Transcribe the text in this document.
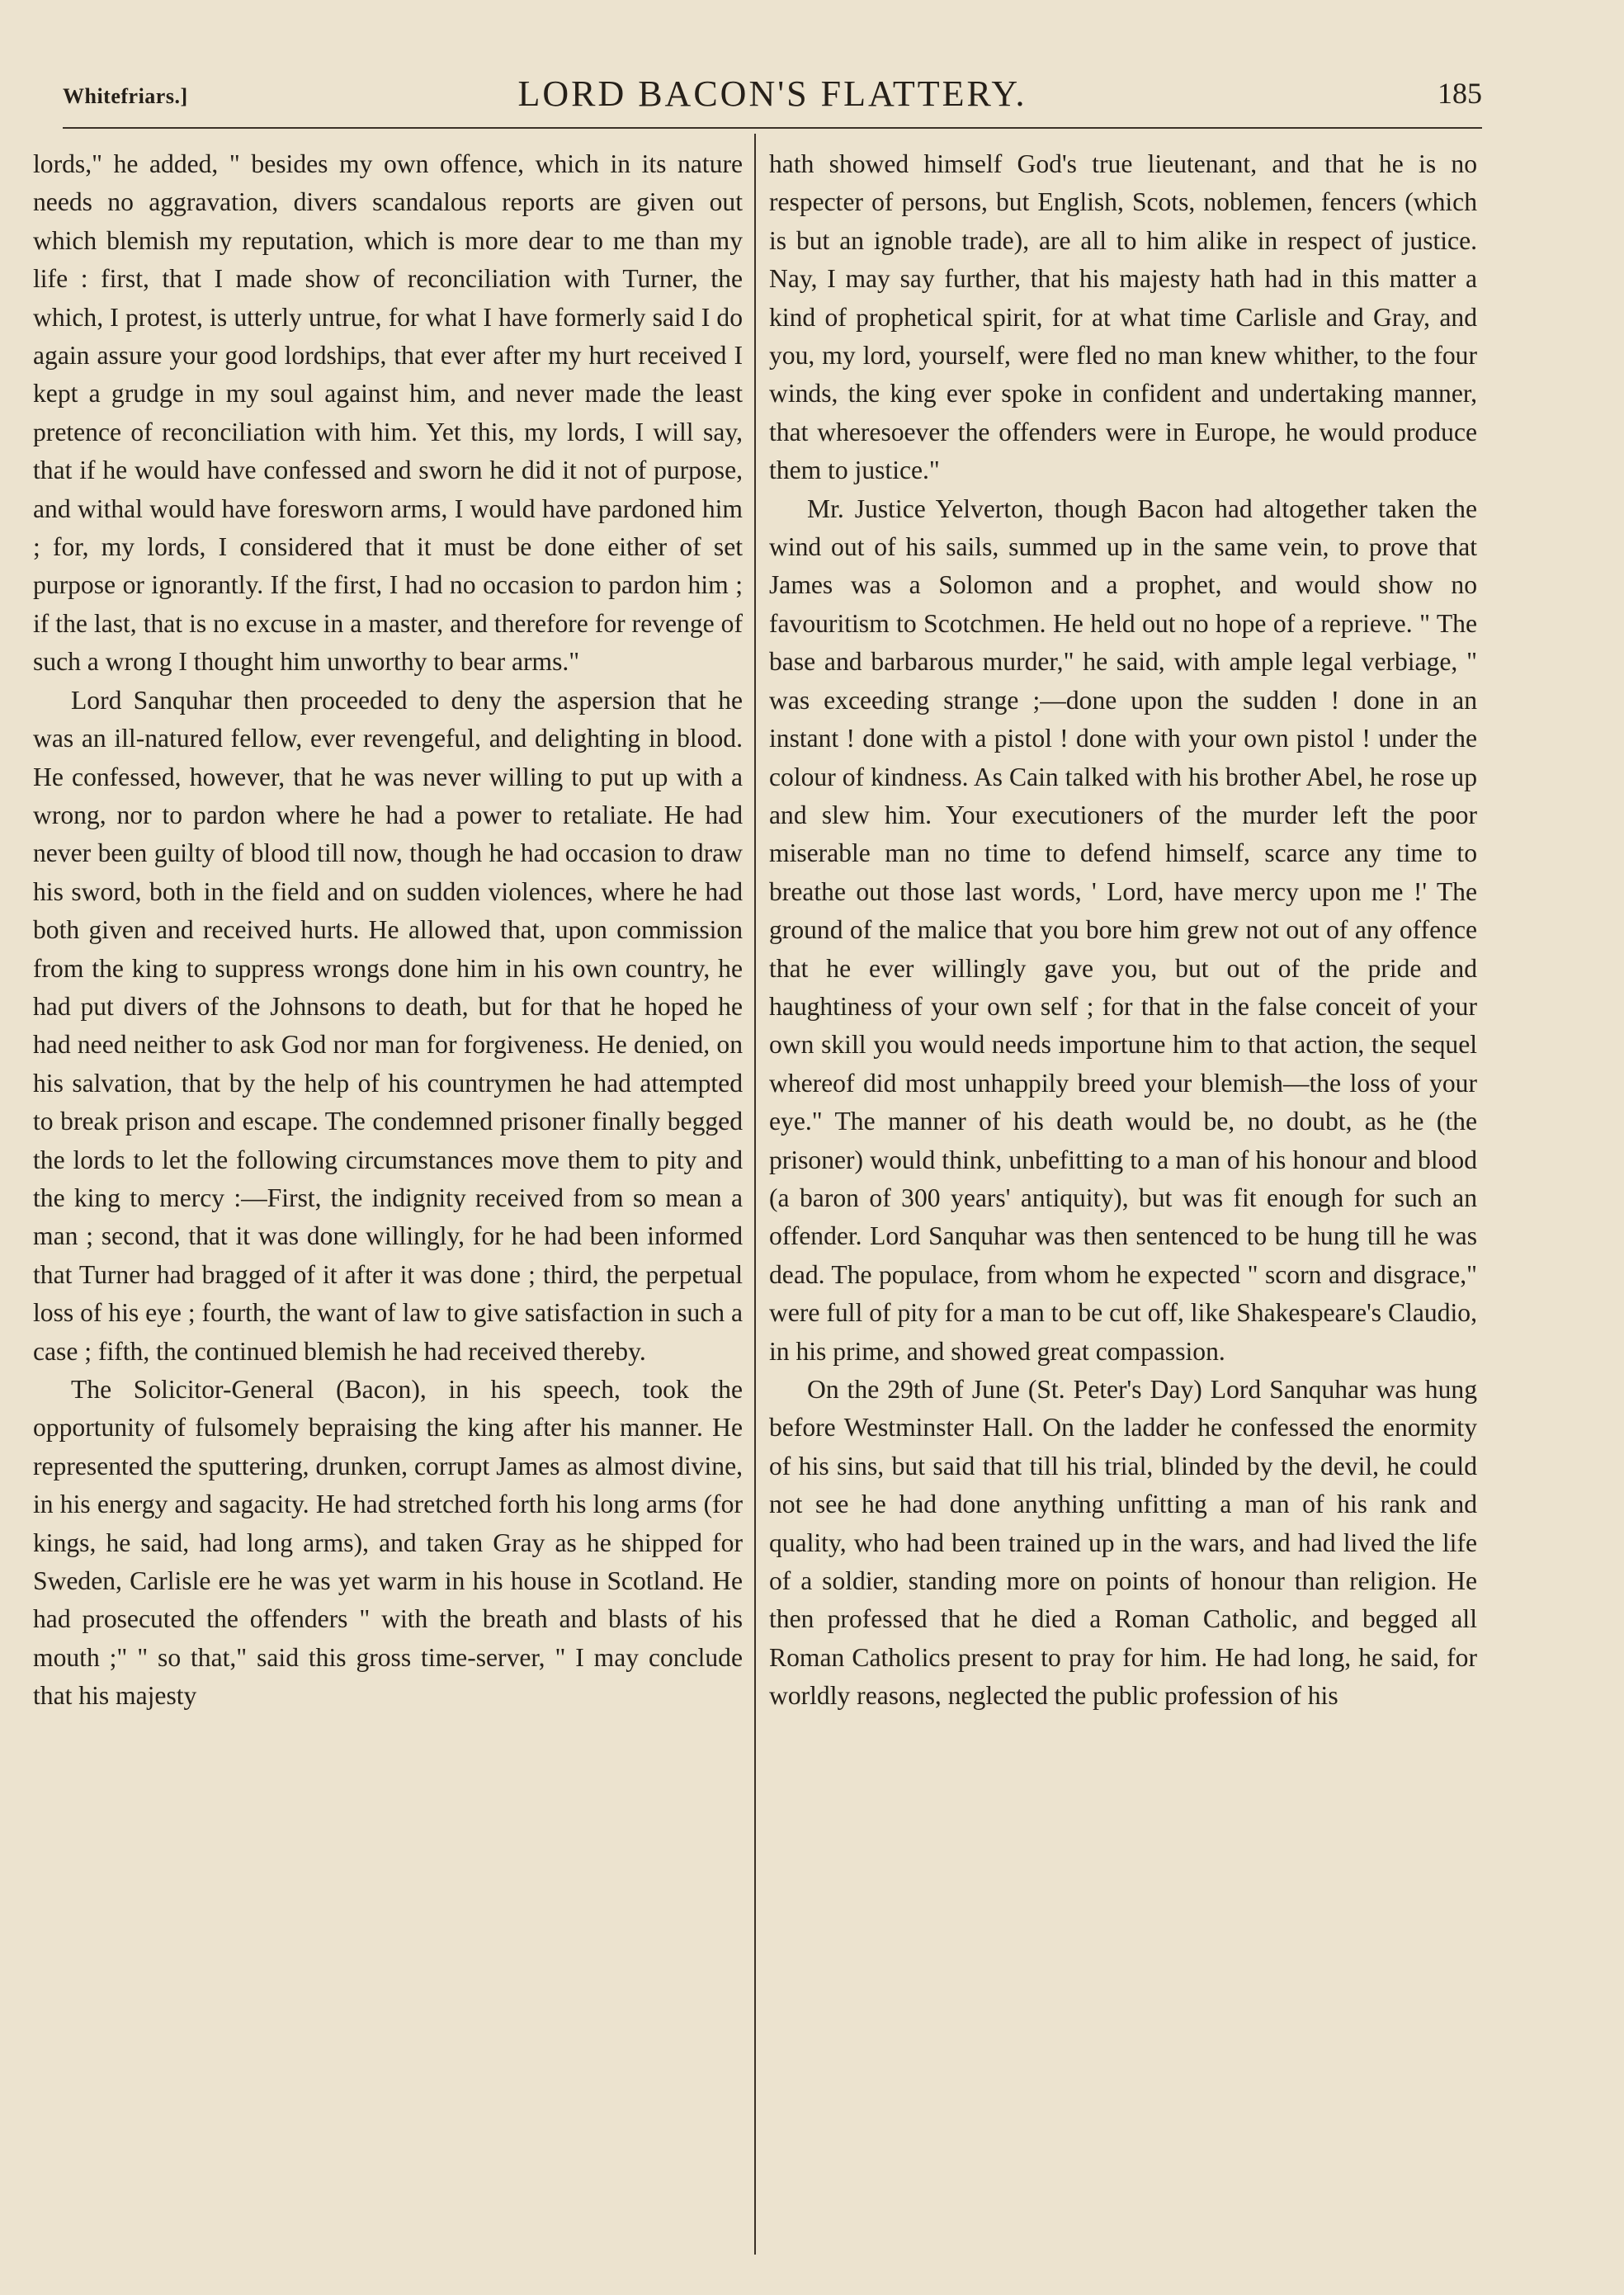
Whitefriars.]	LORD BACON'S FLATTERY.	185

lords," he added, " besides my own offence, which in its nature needs no aggravation, divers scandalous reports are given out which blemish my reputation, which is more dear to me than my life : first, that I made show of reconciliation with Turner, the which, I protest, is utterly untrue, for what I have formerly said I do again assure your good lordships, that ever after my hurt received I kept a grudge in my soul against him, and never made the least pretence of reconciliation with him. Yet this, my lords, I will say, that if he would have confessed and sworn he did it not of purpose, and withal would have foresworn arms, I would have pardoned him ; for, my lords, I considered that it must be done either of set purpose or ignorantly. If the first, I had no occasion to pardon him ; if the last, that is no excuse in a master, and therefore for revenge of such a wrong I thought him unworthy to bear arms."

Lord Sanquhar then proceeded to deny the aspersion that he was an ill-natured fellow, ever revengeful, and delighting in blood. He confessed, however, that he was never willing to put up with a wrong, nor to pardon where he had a power to retaliate. He had never been guilty of blood till now, though he had occasion to draw his sword, both in the field and on sudden violences, where he had both given and received hurts. He allowed that, upon commission from the king to suppress wrongs done him in his own country, he had put divers of the Johnsons to death, but for that he hoped he had need neither to ask God nor man for forgiveness. He denied, on his salvation, that by the help of his countrymen he had attempted to break prison and escape. The condemned prisoner finally begged the lords to let the following circumstances move them to pity and the king to mercy :—First, the indignity received from so mean a man ; second, that it was done willingly, for he had been informed that Turner had bragged of it after it was done ; third, the perpetual loss of his eye ; fourth, the want of law to give satisfaction in such a case ; fifth, the continued blemish he had received thereby.

The Solicitor-General (Bacon), in his speech, took the opportunity of fulsomely bepraising the king after his manner. He represented the sputtering, drunken, corrupt James as almost divine, in his energy and sagacity. He had stretched forth his long arms (for kings, he said, had long arms), and taken Gray as he shipped for Sweden, Carlisle ere he was yet warm in his house in Scotland. He had prosecuted the offenders " with the breath and blasts of his mouth ;" " so that," said this gross time-server, " I may conclude that his majesty

hath showed himself God's true lieutenant, and that he is no respecter of persons, but English, Scots, noblemen, fencers (which is but an ignoble trade), are all to him alike in respect of justice. Nay, I may say further, that his majesty hath had in this matter a kind of prophetical spirit, for at what time Carlisle and Gray, and you, my lord, yourself, were fled no man knew whither, to the four winds, the king ever spoke in confident and undertaking manner, that wheresoever the offenders were in Europe, he would produce them to justice."

Mr. Justice Yelverton, though Bacon had altogether taken the wind out of his sails, summed up in the same vein, to prove that James was a Solomon and a prophet, and would show no favouritism to Scotchmen. He held out no hope of a reprieve. " The base and barbarous murder," he said, with ample legal verbiage, " was exceeding strange ;—done upon the sudden ! done in an instant ! done with a pistol ! done with your own pistol ! under the colour of kindness. As Cain talked with his brother Abel, he rose up and slew him. Your executioners of the murder left the poor miserable man no time to defend himself, scarce any time to breathe out those last words, ' Lord, have mercy upon me !' The ground of the malice that you bore him grew not out of any offence that he ever willingly gave you, but out of the pride and haughtiness of your own self ; for that in the false conceit of your own skill you would needs importune him to that action, the sequel whereof did most unhappily breed your blemish—the loss of your eye." The manner of his death would be, no doubt, as he (the prisoner) would think, unbefitting to a man of his honour and blood (a baron of 300 years' antiquity), but was fit enough for such an offender. Lord Sanquhar was then sentenced to be hung till he was dead. The populace, from whom he expected " scorn and disgrace," were full of pity for a man to be cut off, like Shakespeare's Claudio, in his prime, and showed great compassion.

On the 29th of June (St. Peter's Day) Lord Sanquhar was hung before Westminster Hall. On the ladder he confessed the enormity of his sins, but said that till his trial, blinded by the devil, he could not see he had done anything unfitting a man of his rank and quality, who had been trained up in the wars, and had lived the life of a soldier, standing more on points of honour than religion. He then professed that he died a Roman Catholic, and begged all Roman Catholics present to pray for him. He had long, he said, for worldly reasons, neglected the public profession of his
